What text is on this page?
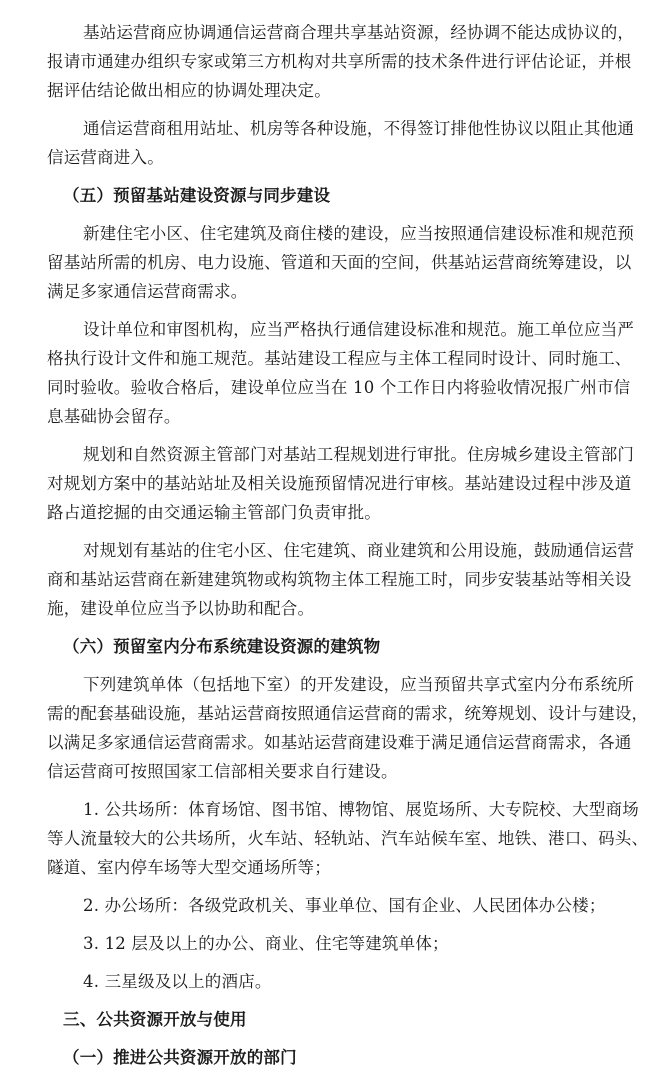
基站运营商应协调通信运营商合理共享基站资源，经协调不能达成协议的，
报请市通建办组织专家或第三方机构对共享所需的技术条件进行评估论证，并根
据评估结论做出相应的协调处理决定。
通信运营商租用站址、机房等各种设施，不得签订排他性协议以阻止其他通
信运营商进入。
（五）预留基站建设资源与同步建设
新建住宅小区、住宅建筑及商住楼的建设，应当按照通信建设标准和规范预
留基站所需的机房、电力设施、管道和天面的空间，供基站运营商统筹建设，以
满足多家通信运营商需求。
设计单位和审图机构，应当严格执行通信建设标准和规范。施工单位应当严
格执行设计文件和施工规范。基站建设工程应与主体工程同时设计、同时施工、
同时验收。验收合格后，建设单位应当在 10 个工作日内将验收情况报广州市信
息基础协会留存。
规划和自然资源主管部门对基站工程规划进行审批。住房城乡建设主管部门
对规划方案中的基站站址及相关设施预留情况进行审核。基站建设过程中涉及道
路占道挖掘的由交通运输主管部门负责审批。
对规划有基站的住宅小区、住宅建筑、商业建筑和公用设施，鼓励通信运营
商和基站运营商在新建建筑物或构筑物主体工程施工时，同步安装基站等相关设
施，建设单位应当予以协助和配合。
（六）预留室内分布系统建设资源的建筑物
下列建筑单体（包括地下室）的开发建设，应当预留共享式室内分布系统所
需的配套基础设施，基站运营商按照通信运营商的需求，统筹规划、设计与建设，
以满足多家通信运营商需求。如基站运营商建设难于满足通信运营商需求，各通
信运营商可按照国家工信部相关要求自行建设。
1. 公共场所：体育场馆、图书馆、博物馆、展览场所、大专院校、大型商场
等人流量较大的公共场所，火车站、轻轨站、汽车站候车室、地铁、港口、码头、
隧道、室内停车场等大型交通场所等；
2. 办公场所：各级党政机关、事业单位、国有企业、人民团体办公楼；
3. 12 层及以上的办公、商业、住宅等建筑单体；
4. 三星级及以上的酒店。
三、公共资源开放与使用
（一）推进公共资源开放的部门
